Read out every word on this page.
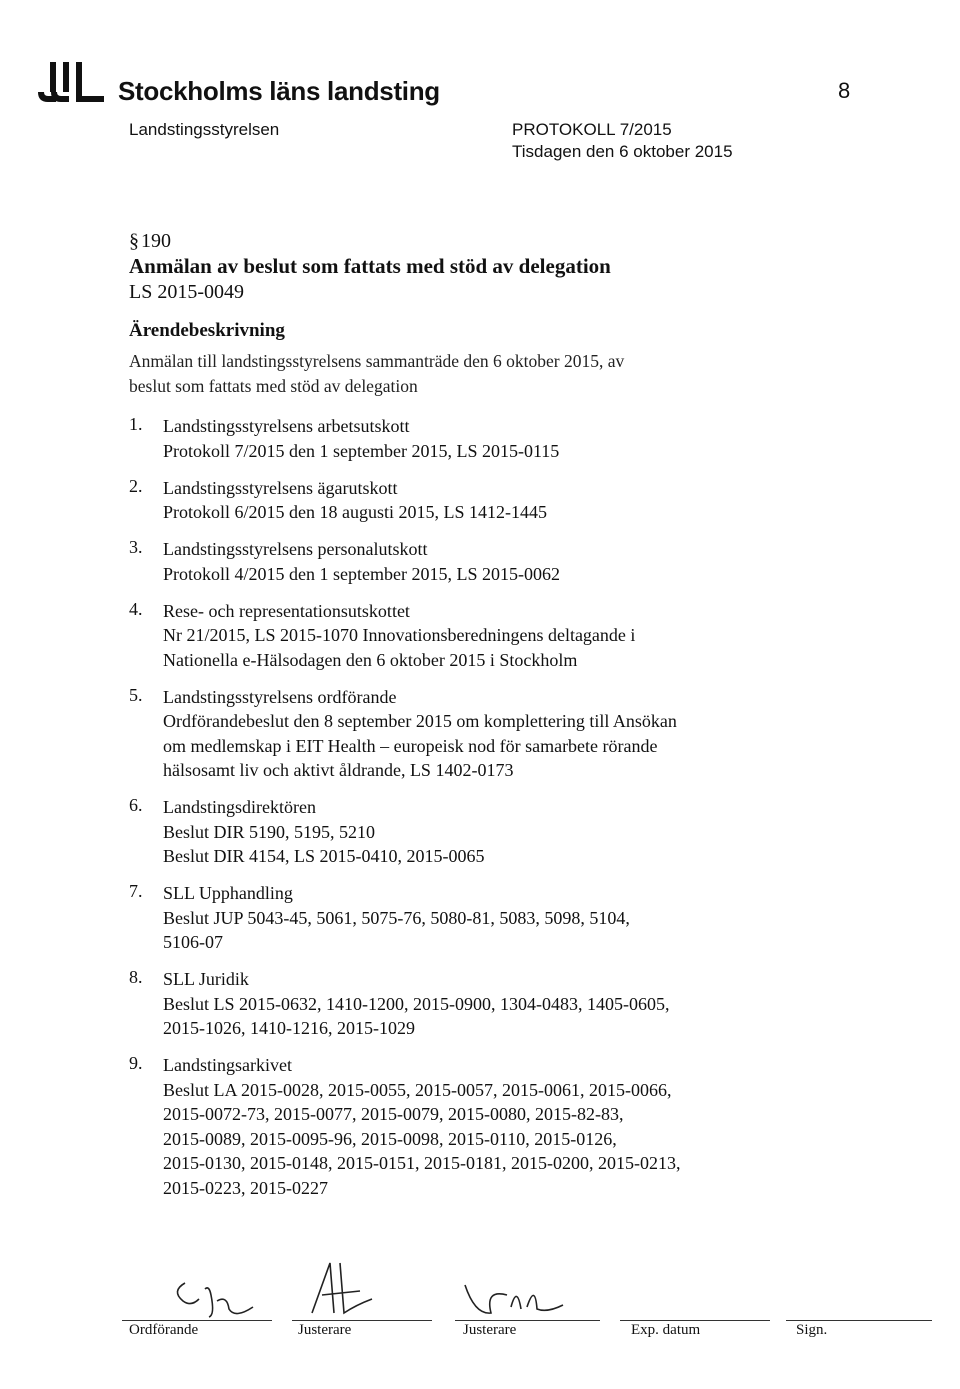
Stockholms läns landsting	8
Landstingsstyrelsen	PROTOKOLL 7/2015
Tisdagen den 6 oktober 2015
§ 190
Anmälan av beslut som fattats med stöd av delegation
LS 2015-0049
Ärendebeskrivning
Anmälan till landstingsstyrelsens sammanträde den 6 oktober 2015, av
beslut som fattats med stöd av delegation
1. Landstingsstyrelsens arbetsutskott
Protokoll 7/2015 den 1 september 2015, LS 2015-0115
2. Landstingsstyrelsens ägarutskott
Protokoll 6/2015 den 18 augusti 2015, LS 1412-1445
3. Landstingsstyrelsens personalutskott
Protokoll 4/2015 den 1 september 2015, LS 2015-0062
4. Rese- och representationsutskottet
Nr 21/2015, LS 2015-1070 Innovationsberedningens deltagande i
Nationella e-Hälsodagen den 6 oktober 2015 i Stockholm
5. Landstingsstyrelsens ordförande
Ordförandebeslut den 8 september 2015 om komplettering till Ansökan
om medlemskap i EIT Health – europeisk nod för samarbete rörande
hälsosamt liv och aktivt åldrande, LS 1402-0173
6. Landstingsdirektören
Beslut DIR 5190, 5195, 5210
Beslut DIR 4154, LS 2015-0410, 2015-0065
7. SLL Upphandling
Beslut JUP 5043-45, 5061, 5075-76, 5080-81, 5083, 5098, 5104,
5106-07
8. SLL Juridik
Beslut LS 2015-0632, 1410-1200, 2015-0900, 1304-0483, 1405-0605,
2015-1026, 1410-1216, 2015-1029
9. Landstingsarkivet
Beslut LA 2015-0028, 2015-0055, 2015-0057, 2015-0061, 2015-0066,
2015-0072-73, 2015-0077, 2015-0079, 2015-0080, 2015-82-83,
2015-0089, 2015-0095-96, 2015-0098, 2015-0110, 2015-0126,
2015-0130, 2015-0148, 2015-0151, 2015-0181, 2015-0200, 2015-0213,
2015-0223, 2015-0227
Ordförande	Justerare	Justerare	Exp. datum	Sign.
